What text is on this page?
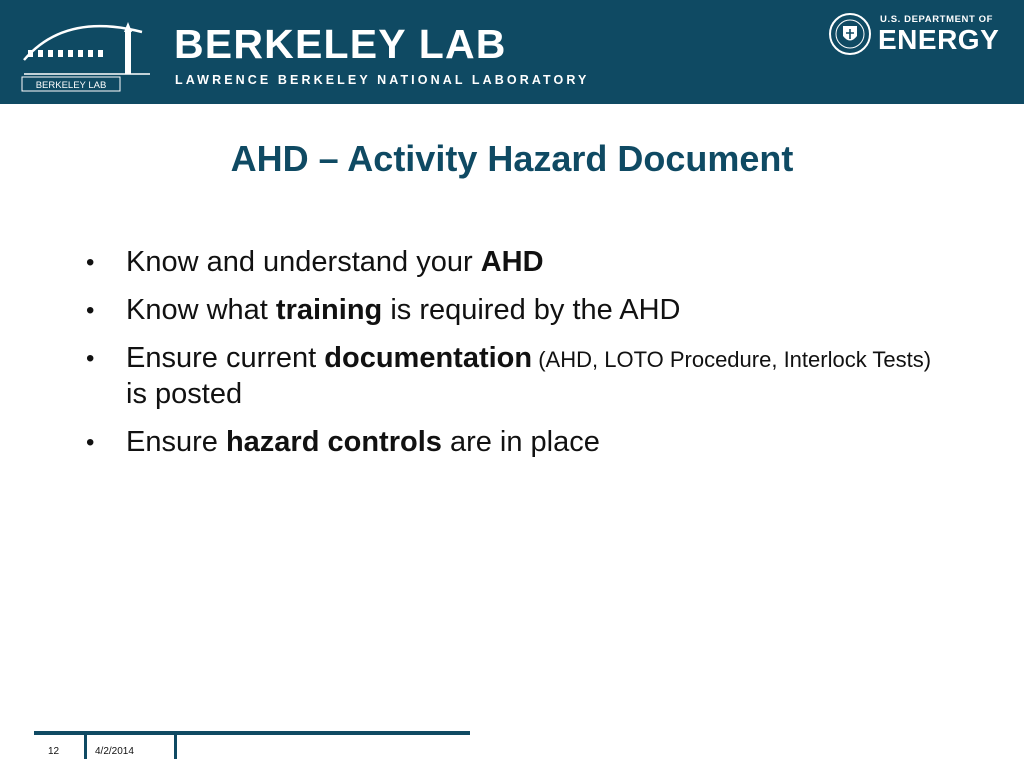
BERKELEY LAB
BERKELEY LAB
LAWRENCE BERKELEY NATIONAL LABORATORY
U.S. DEPARTMENT OF
ENERGY
AHD – Activity Hazard Document
• Know and understand your AHD
• Know what training is required by the AHD
• Ensure current documentation (AHD, LOTO Procedure, Interlock Tests) is posted
• Ensure hazard controls are in place
12	4/2/2014
